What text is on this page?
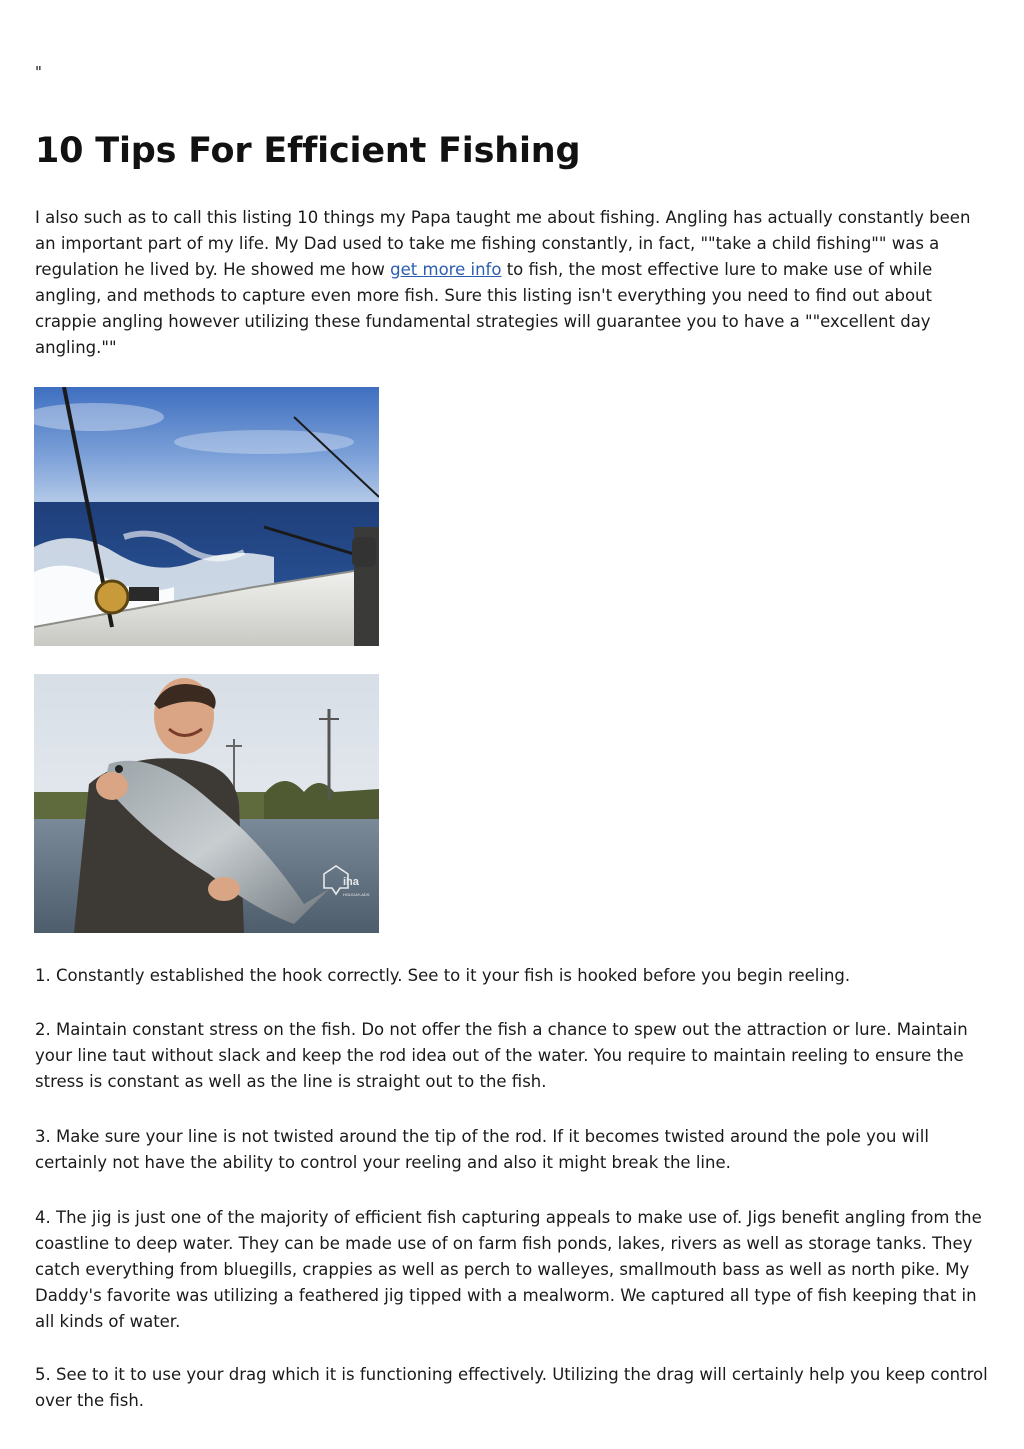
"
10 Tips For Efficient Fishing

I also such as to call this listing 10 things my Papa taught me about fishing. Angling has actually constantly been an important part of my life. My Dad used to take me fishing constantly, in fact, ""take a child fishing"" was a regulation he lived by. He showed me how get more info to fish, the most effective lure to make use of while angling, and methods to capture even more fish. Sure this listing isn't everything you need to find out about crappie angling however utilizing these fundamental strategies will guarantee you to have a ""excellent day angling.""

iha
HOLIDAY-ADS

1. Constantly established the hook correctly. See to it your fish is hooked before you begin reeling.

2. Maintain constant stress on the fish. Do not offer the fish a chance to spew out the attraction or lure. Maintain your line taut without slack and keep the rod idea out of the water. You require to maintain reeling to ensure the stress is constant as well as the line is straight out to the fish.

3. Make sure your line is not twisted around the tip of the rod. If it becomes twisted around the pole you will certainly not have the ability to control your reeling and also it might break the line.

4. The jig is just one of the majority of efficient fish capturing appeals to make use of. Jigs benefit angling from the coastline to deep water. They can be made use of on farm fish ponds, lakes, rivers as well as storage tanks. They catch everything from bluegills, crappies as well as perch to walleyes, smallmouth bass as well as north pike. My Daddy's favorite was utilizing a feathered jig tipped with a mealworm. We captured all type of fish keeping that in all kinds of water.

5. See to it to use your drag which it is functioning effectively. Utilizing the drag will certainly help you keep control over the fish.
